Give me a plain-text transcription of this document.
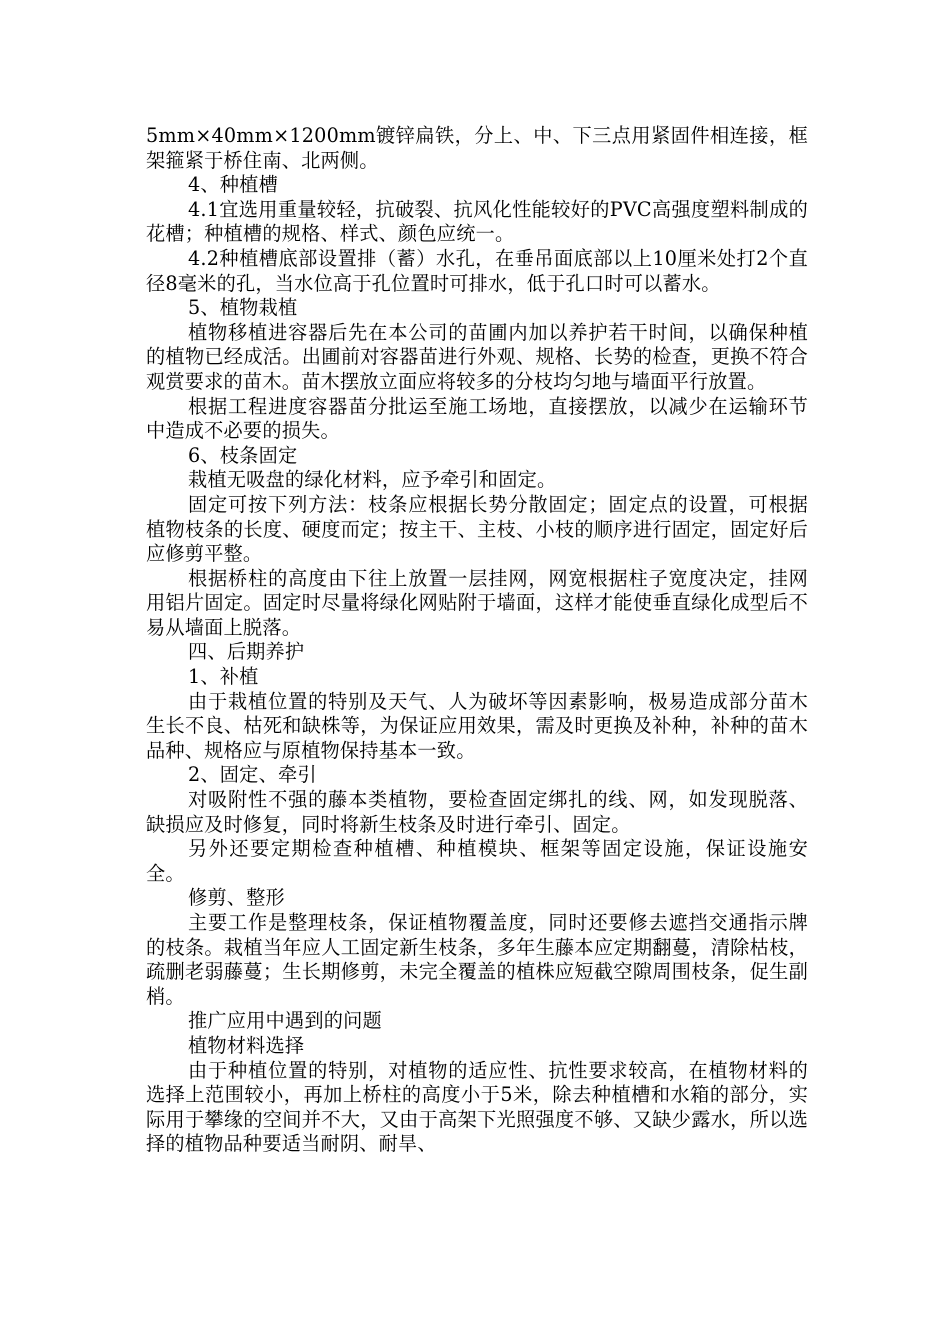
5mm×40mm×1200mm镀锌扁铁，分上、中、下三点用紧固件相连接，框架箍紧于桥住南、北两侧。

4、种植槽

4.1宜选用重量较轻，抗破裂、抗风化性能较好的PVC高强度塑料制成的花槽；种植槽的规格、样式、颜色应统一。

4.2种植槽底部设置排（蓄）水孔，在垂吊面底部以上10厘米处打2个直径8毫米的孔，当水位高于孔位置时可排水，低于孔口时可以蓄水。

5、植物栽植

植物移植进容器后先在本公司的苗圃内加以养护若干时间，以确保种植的植物已经成活。出圃前对容器苗进行外观、规格、长势的检查，更换不符合观赏要求的苗木。苗木摆放立面应将较多的分枝均匀地与墙面平行放置。

根据工程进度容器苗分批运至施工场地，直接摆放，以减少在运输环节中造成不必要的损失。

6、枝条固定

栽植无吸盘的绿化材料，应予牵引和固定。

固定可按下列方法：枝条应根据长势分散固定；固定点的设置，可根据植物枝条的长度、硬度而定；按主干、主枝、小枝的顺序进行固定，固定好后应修剪平整。

根据桥柱的高度由下往上放置一层挂网，网宽根据柱子宽度决定，挂网用铝片固定。固定时尽量将绿化网贴附于墙面，这样才能使垂直绿化成型后不易从墙面上脱落。

四、后期养护

1、补植

由于栽植位置的特别及天气、人为破坏等因素影响，极易造成部分苗木生长不良、枯死和缺株等，为保证应用效果，需及时更换及补种，补种的苗木品种、规格应与原植物保持基本一致。

2、固定、牵引

对吸附性不强的藤本类植物，要检查固定绑扎的线、网，如发现脱落、缺损应及时修复，同时将新生枝条及时进行牵引、固定。

另外还要定期检查种植槽、种植模块、框架等固定设施，保证设施安全。

修剪、整形

主要工作是整理枝条，保证植物覆盖度，同时还要修去遮挡交通指示牌的枝条。栽植当年应人工固定新生枝条，多年生藤本应定期翻蔓，清除枯枝，疏删老弱藤蔓；生长期修剪，未完全覆盖的植株应短截空隙周围枝条，促生副梢。

推广应用中遇到的问题

植物材料选择

由于种植位置的特别，对植物的适应性、抗性要求较高，在植物材料的选择上范围较小，再加上桥柱的高度小于5米，除去种植槽和水箱的部分，实际用于攀缘的空间并不大，又由于高架下光照强度不够、又缺少露水，所以选择的植物品种要适当耐阴、耐旱、
